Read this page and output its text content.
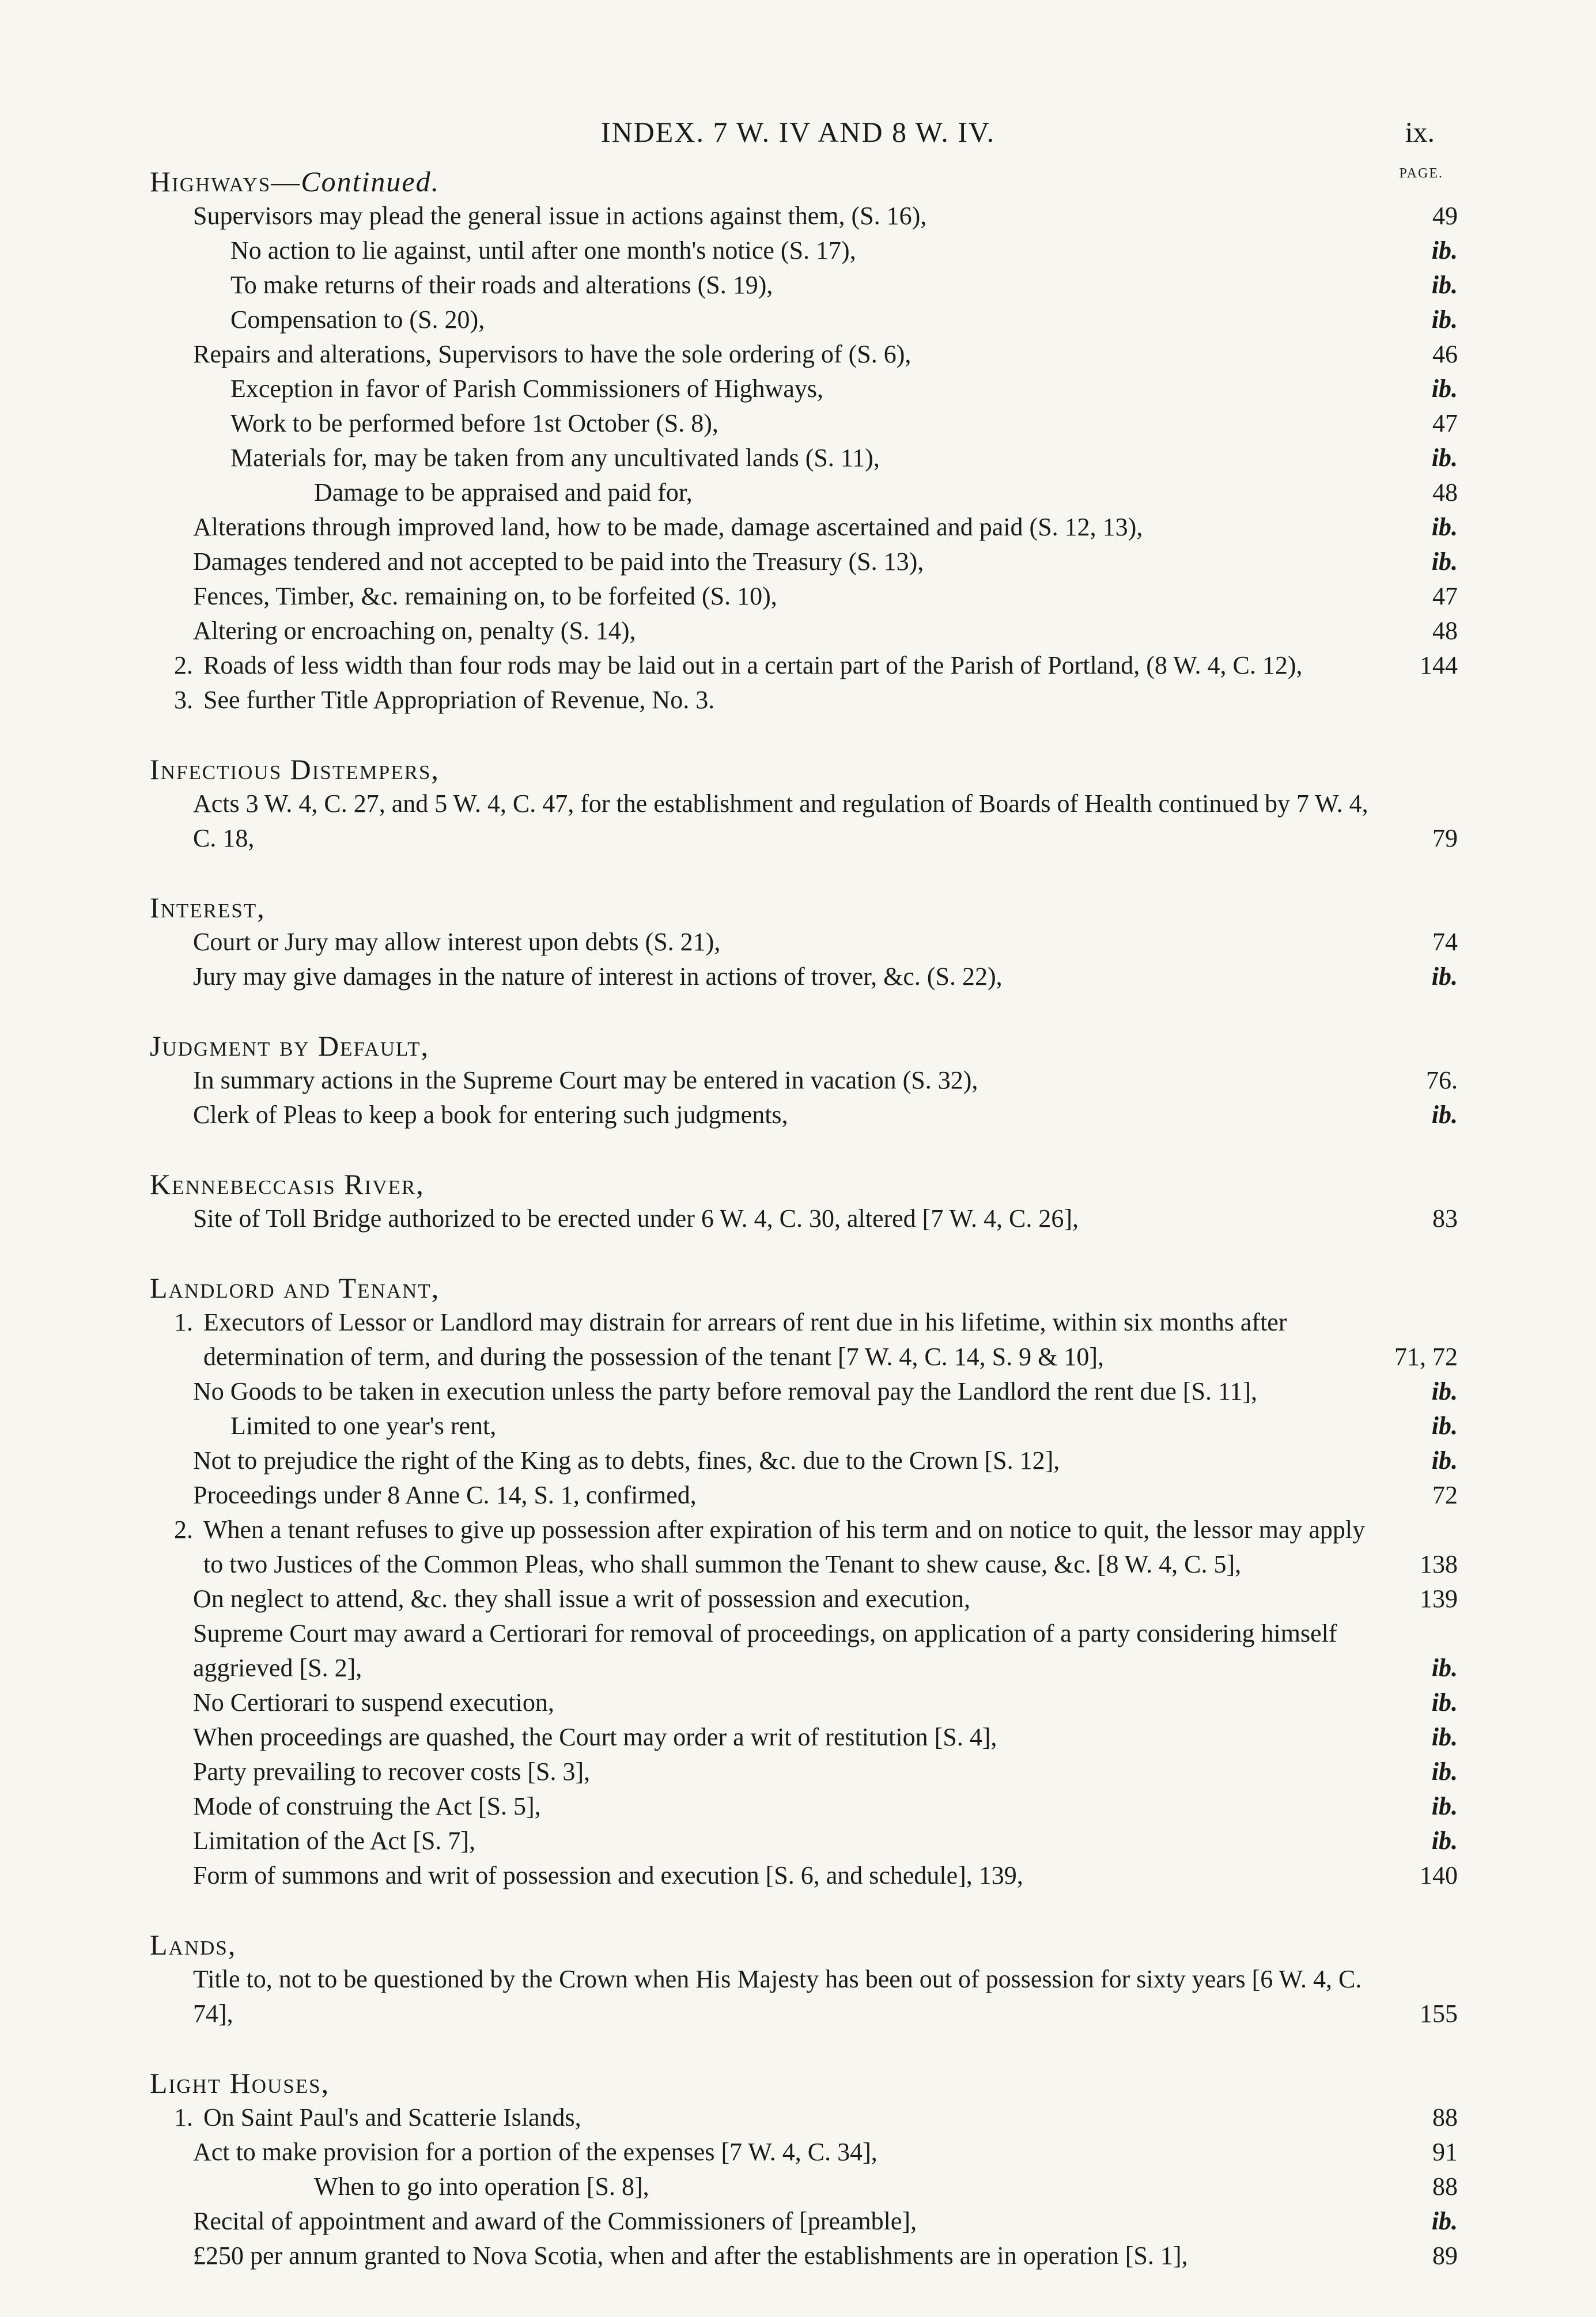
INDEX. 7 W. IV AND 8 W. IV.	ix.
PAGE.
Highways—Continued.
Supervisors may plead the general issue in actions against them, (S. 16),	49
No action to lie against, until after one month's notice (S. 17),	ib.
To make returns of their roads and alterations (S. 19),	ib.
Compensation to (S. 20),	ib.
Repairs and alterations, Supervisors to have the sole ordering of (S. 6),	46
Exception in favor of Parish Commissioners of Highways,	ib.
Work to be performed before 1st October (S. 8),	47
Materials for, may be taken from any uncultivated lands (S. 11),	ib.
Damage to be appraised and paid for,	48
Alterations through improved land, how to be made, damage ascertained and paid (S. 12, 13),	ib.
Damages tendered and not accepted to be paid into the Treasury (S. 13),	ib.
Fences, Timber, &c. remaining on, to be forfeited (S. 10),	47
Altering or encroaching on, penalty (S. 14),	48
2. Roads of less width than four rods may be laid out in a certain part of the Parish of Portland, (8 W. 4, C. 12),	144
3. See further Title Appropriation of Revenue, No. 3.
Infectious Distempers,
Acts 3 W. 4, C. 27, and 5 W. 4, C. 47, for the establishment and regulation of Boards of Health continued by 7 W. 4, C. 18,	79
Interest,
Court or Jury may allow interest upon debts (S. 21),	74
Jury may give damages in the nature of interest in actions of trover, &c. (S. 22),	ib.
Judgment by Default,
In summary actions in the Supreme Court may be entered in vacation (S. 32),	76.
Clerk of Pleas to keep a book for entering such judgments,	ib.
Kennebeccasis River,
Site of Toll Bridge authorized to be erected under 6 W. 4, C. 30, altered [7 W. 4, C. 26],	83
Landlord and Tenant,
1. Executors of Lessor or Landlord may distrain for arrears of rent due in his lifetime, within six months after determination of term, and during the possession of the tenant [7 W. 4, C. 14, S. 9 & 10],	71, 72
No Goods to be taken in execution unless the party before removal pay the Landlord the rent due [S. 11],	ib.
Limited to one year's rent,	ib.
Not to prejudice the right of the King as to debts, fines, &c. due to the Crown [S. 12],	ib.
Proceedings under 8 Anne C. 14, S. 1, confirmed,	72
2. When a tenant refuses to give up possession after expiration of his term and on notice to quit, the lessor may apply to two Justices of the Common Pleas, who shall summon the Tenant to shew cause, &c. [8 W. 4, C. 5],	138
On neglect to attend, &c. they shall issue a writ of possession and execution,	139
Supreme Court may award a Certiorari for removal of proceedings, on application of a party considering himself aggrieved [S. 2],	ib.
No Certiorari to suspend execution,	ib.
When proceedings are quashed, the Court may order a writ of restitution [S. 4],	ib.
Party prevailing to recover costs [S. 3],	ib.
Mode of construing the Act [S. 5],	ib.
Limitation of the Act [S. 7],	ib.
Form of summons and writ of possession and execution [S. 6, and schedule], 139,	140
Lands,
Title to, not to be questioned by the Crown when His Majesty has been out of possession for sixty years [6 W. 4, C. 74],	155
Light Houses,
1. On Saint Paul's and Scatterie Islands,	88
Act to make provision for a portion of the expenses [7 W. 4, C. 34],	91
When to go into operation [S. 8],	88
Recital of appointment and award of the Commissioners of [preamble],	ib.
£250 per annum granted to Nova Scotia, when and after the establishments are in operation [S. 1],	89
